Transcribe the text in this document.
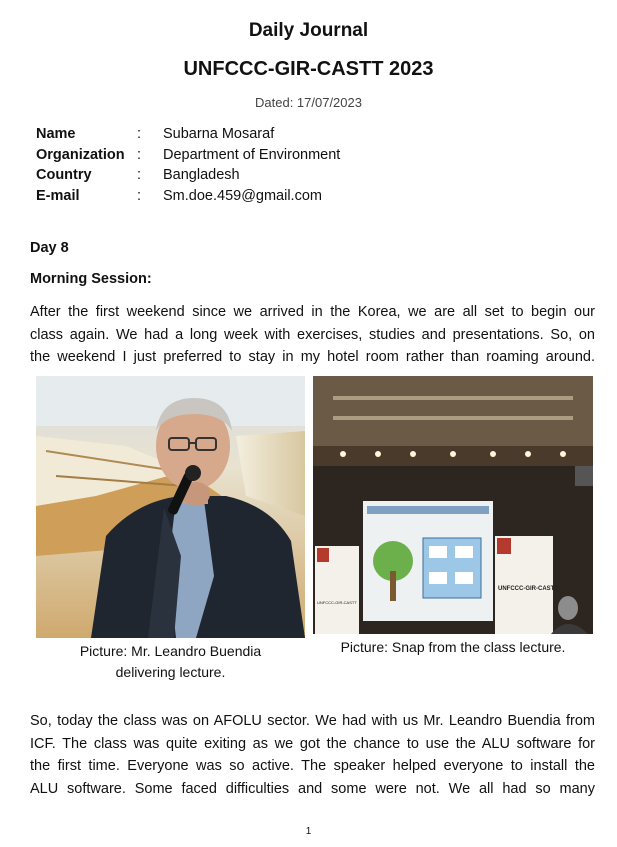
Daily Journal
UNFCCC-GIR-CASTT 2023
Dated: 17/07/2023
Name	:	Subarna Mosaraf
Organization :	Department of Environment
Country	:	Bangladesh
E-mail	:	Sm.doe.459@gmail.com
Day 8
Morning Session:
After the first weekend since we arrived in the Korea, we are all set to begin our
class again. We had a long week with exercises, studies and presentations. So, on
the weekend I just preferred to stay in my hotel room rather than roaming around.
UNFCCC-GIR-CASTT
UNFCCC-GIR-CASTT
Picture: Mr. Leandro Buendia
delivering lecture.
Picture: Snap from the class lecture.
So, today the class was on AFOLU sector. We had with us Mr. Leandro Buendia from
ICF. The class was quite exiting as we got the chance to use the ALU software for
the first time. Everyone was so active. The speaker helped everyone to install the
ALU software. Some faced difficulties and some were not. We all had so many
1
